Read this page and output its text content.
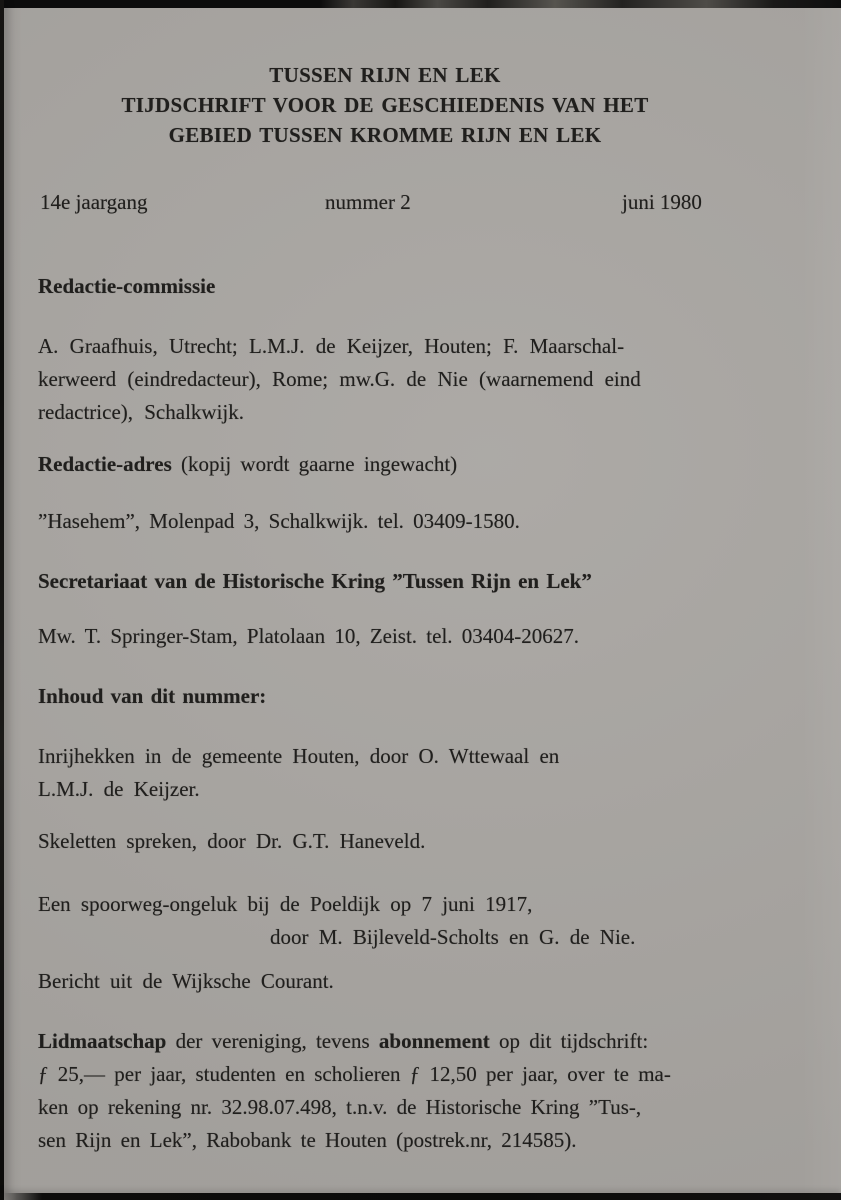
TUSSEN RIJN EN LEK
TIJDSCHRIFT VOOR DE GESCHIEDENIS VAN HET
GEBIED TUSSEN KROMME RIJN EN LEK
14e jaargang	nummer 2	juni 1980
Redactie-commissie
A. Graafhuis, Utrecht; L.M.J. de Keijzer, Houten; F. Maarschal-
kerweerd (eindredacteur), Rome; mw.G. de Nie (waarnemend eind
redactrice), Schalkwijk.
Redactie-adres (kopij wordt gaarne ingewacht)
”Hasehem”, Molenpad 3, Schalkwijk. tel. 03409-1580.
Secretariaat van de Historische Kring ”Tussen Rijn en Lek”
Mw. T. Springer-Stam, Platolaan 10, Zeist. tel. 03404-20627.
Inhoud van dit nummer:
Inrijhekken in de gemeente Houten, door O. Wttewaal en
L.M.J. de Keijzer.
Skeletten spreken, door Dr. G.T. Haneveld.
Een spoorweg-ongeluk bij de Poeldijk op 7 juni 1917,
door M. Bijleveld-Scholts en G. de Nie.
Bericht uit de Wijksche Courant.
Lidmaatschap der vereniging, tevens abonnement op dit tijdschrift:
ƒ 25,— per jaar, studenten en scholieren ƒ 12,50 per jaar, over te ma-
ken op rekening nr. 32.98.07.498, t.n.v. de Historische Kring ”Tus-,
sen Rijn en Lek”, Rabobank te Houten (postrek.nr, 214585).
